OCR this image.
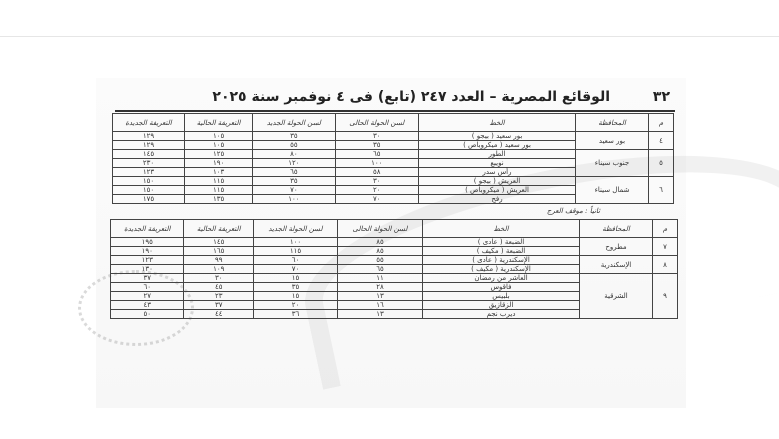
٣٢
الوقائع المصرية – العدد ٢٤٧ (تابع) فى ٤ نوفمبر سنة ٢٠٢٥
م	المحافظة	الخط	لسن الحولة الحالى	لسن الحولة الجديد	التعريفة الحالية	التعريفة الجديدة
٤	بور سعيد	بور سعيد ( بيجو )	٣٠	٣٥	١٠٥	١٢٩
		بور سعيد ( ميكروباص )	٣٥	٥٥	١٠٥	١٢٩
٥	جنوب سيناء	الطور	٦٥	٨٠	١٢٥	١٤٥
		نويبع	١٠٠	١٢٠	١٩٠	٢٣٠
		رأس سدر	٥٨	٦٥	١٠٣	١٢٣
٦	شمال سيناء	العريش ( بيجو )	٣٠	٣٥	١١٥	١٥٠
		العريش ( ميكروباص )	٢٠	٧٠	١١٥	١٥٠
		رفح	٧٠	١٠٠	١٣٥	١٧٥
ثانياً : موقف العرج
م	المحافظة	الخط	لسن الحولة الحالى	لسن الحولة الجديد	التعريفة الحالية	التعريفة الجديدة
٧	مطروح	الضبعة ( عادى )	٨٥	١٠٠	١٤٥	١٩٥
		الضبعة ( مكيف )	٨٥	١١٥	١٦٥	١٩٠
٨	الإسكندرية	الإسكندرية ( عادى )	٥٥	٦٠	٩٩	١٢٣
		الإسكندرية ( مكيف )	٦٥	٧٠	١٠٩	١٣٠
٩	الشرقية	العاشر من رمضان	١١	١٥	٣٠	٣٧
		فاقوس	٢٨	٣٥	٤٥	٦٠
		بلبيس	١٣	١٥	٢٣	٢٧
		الزقازيق	١٦	٢٠	٣٧	٤٣
		ديرب نجم	١٣	٣٦	٤٤	٥٠
